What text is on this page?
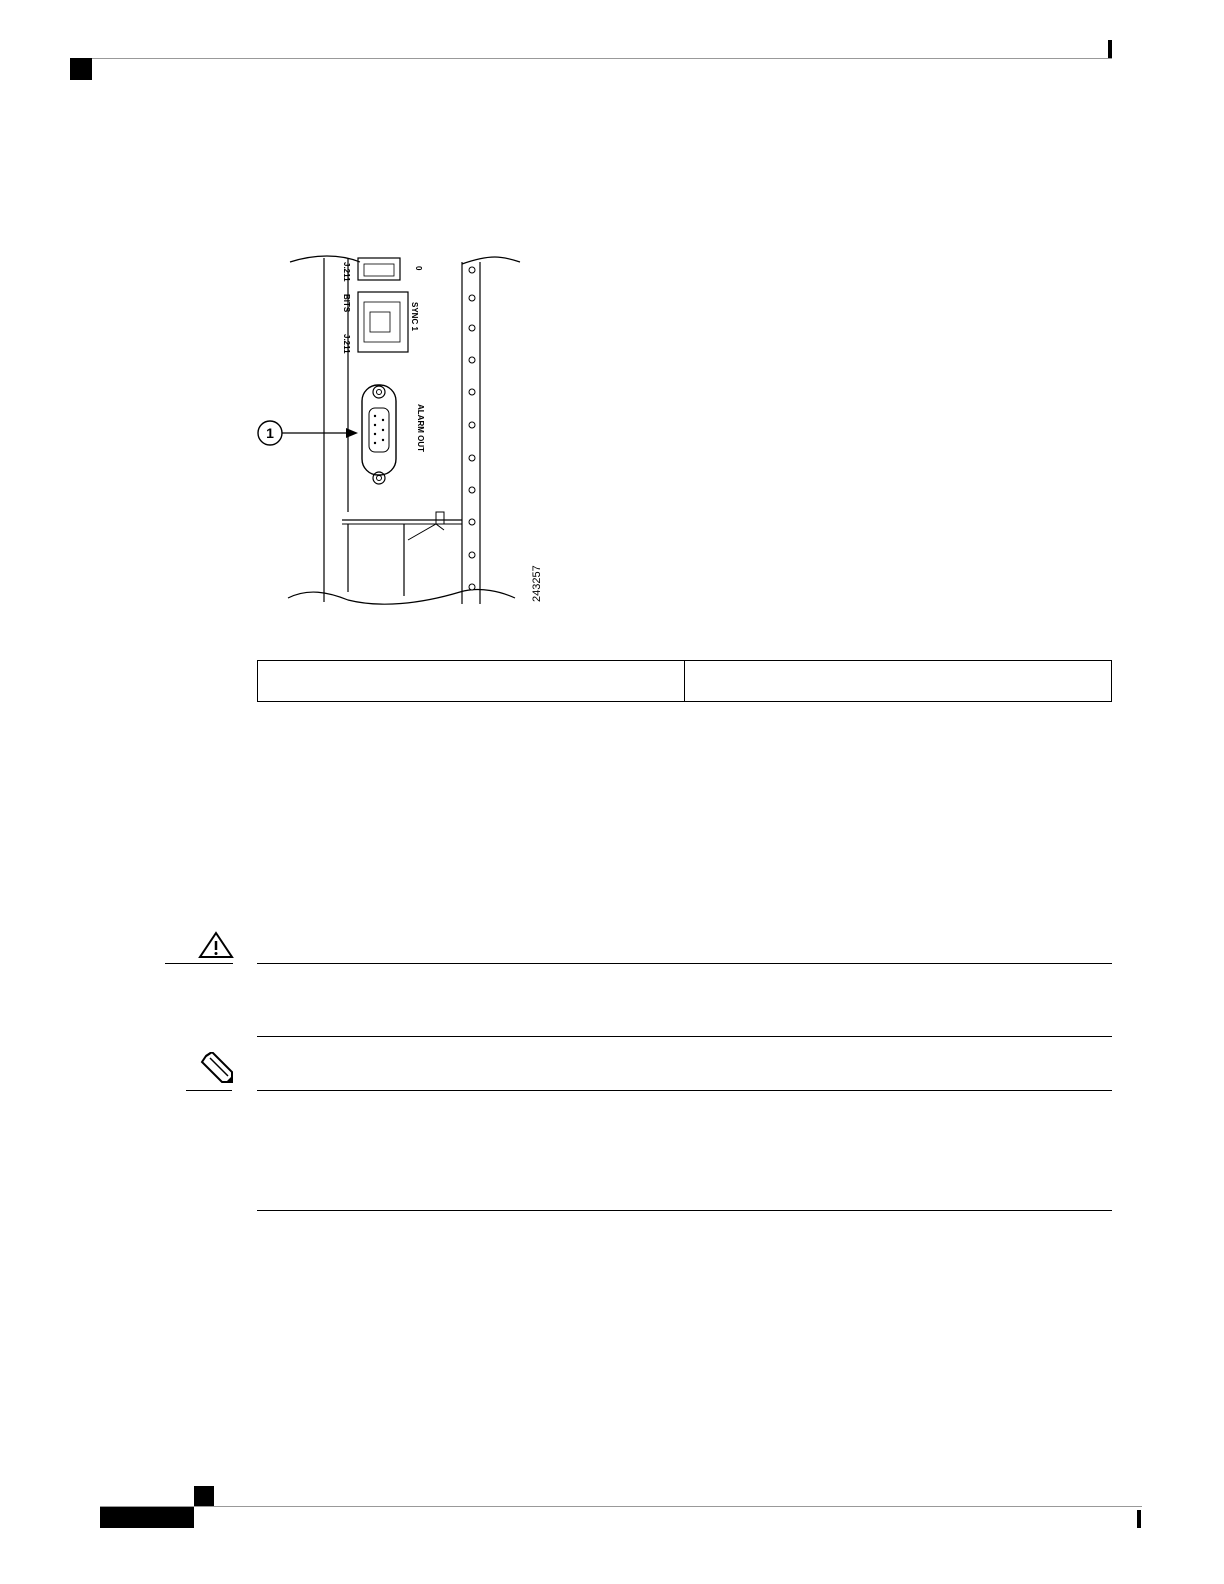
J.211	0
BITS
J.211
SYNC 1
ALARM OUT
1
243257
